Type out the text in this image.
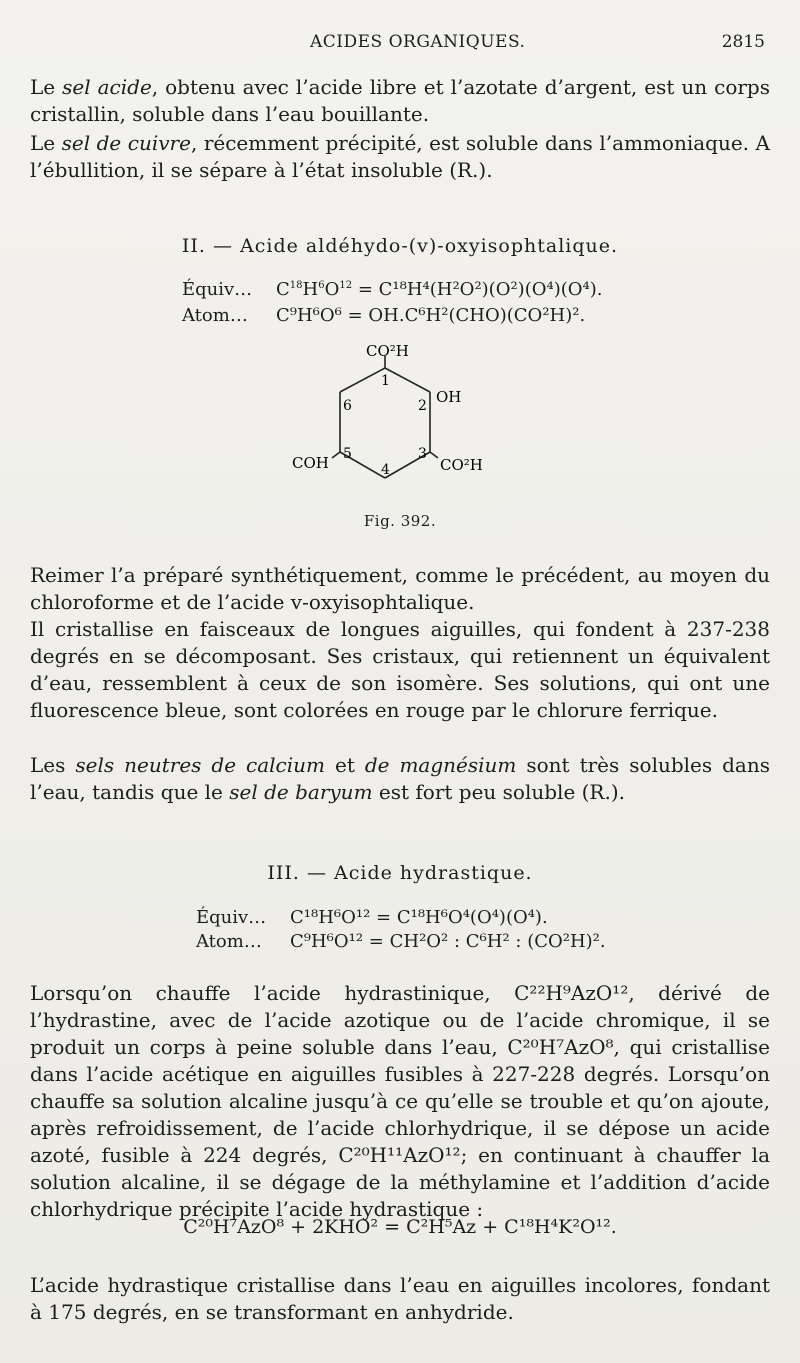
ACIDES ORGANIQUES.	2815
Le sel acide, obtenu avec l’acide libre et l’azotate d’argent, est un corps cristallin, soluble dans l’eau bouillante.
Le sel de cuivre, récemment précipité, est soluble dans l’ammoniaque. A l’ébullition, il se sépare à l’état insoluble (R.).
II. — Acide aldéhydo-(v)-oxyisophtalique.
Équiv… $C^{18}H^6O^{12} = C^{18}H^4(H^2O^2)(O^2)(O^4)(O^4)$.
Atom… C⁹H⁶O⁶ = OH.C⁶H²(CHO)(CO²H)².
CO²H
OH
COH	CO²H
1
2
3
4
5
6
Fig. 392.
Reimer l’a préparé synthétiquement, comme le précédent, au moyen du chloroforme et de l’acide v-oxyisophtalique.
Il cristallise en faisceaux de longues aiguilles, qui fondent à 237-238 degrés en se décomposant. Ses cristaux, qui retiennent un équivalent d’eau, ressemblent à ceux de son isomère. Ses solutions, qui ont une fluorescence bleue, sont colorées en rouge par le chlorure ferrique.
Les sels neutres de calcium et de magnésium sont très solubles dans l’eau, tandis que le sel de baryum est fort peu soluble (R.).
III. — Acide hydrastique.
Équiv… C¹⁸H⁶O¹² = C¹⁸H⁶O⁴(O⁴)(O⁴).
Atom… C⁹H⁶O¹² = CH²O² : C⁶H² : (CO²H)².
Lorsqu’on chauffe l’acide hydrastinique, C²²H⁹AzO¹², dérivé de l’hydrastine, avec de l’acide azotique ou de l’acide chromique, il se produit un corps à peine soluble dans l’eau, C²⁰H⁷AzO⁸, qui cristallise dans l’acide acétique en aiguilles fusibles à 227-228 degrés. Lorsqu’on chauffe sa solution alcaline jusqu’à ce qu’elle se trouble et qu’on ajoute, après refroidissement, de l’acide chlorhydrique, il se dépose un acide azoté, fusible à 224 degrés, C²⁰H¹¹AzO¹²; en continuant à chauffer la solution alcaline, il se dégage de la méthylamine et l’addition d’acide chlorhydrique précipite l’acide hydrastique :
C²⁰H⁷AzO⁸ + 2KHO² = C²H⁵Az + C¹⁸H⁴K²O¹².
L’acide hydrastique cristallise dans l’eau en aiguilles incolores, fondant à 175 degrés, en se transformant en anhydride.
